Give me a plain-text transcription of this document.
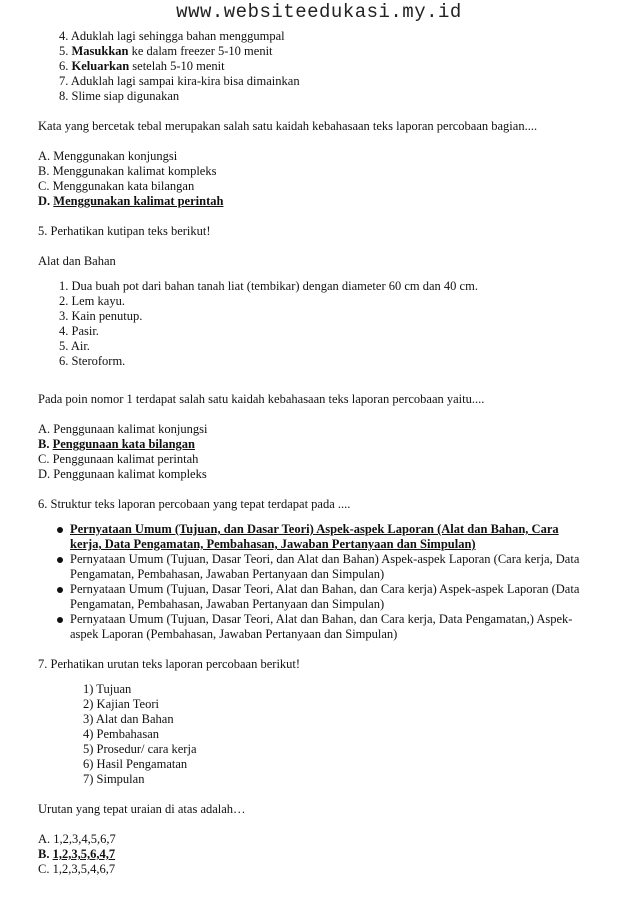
www.websiteedukasi.my.id
4. Aduklah lagi sehingga bahan menggumpal
5. Masukkan ke dalam freezer 5-10 menit
6. Keluarkan setelah 5-10 menit
7. Aduklah lagi sampai kira-kira bisa dimainkan
8. Slime siap digunakan

Kata yang bercetak tebal merupakan salah satu kaidah kebahasaan teks laporan percobaan bagian....

A. Menggunakan konjungsi

B. Menggunakan kalimat kompleks

C. Menggunakan kata bilangan

D. Menggunakan kalimat perintah

5. Perhatikan kutipan teks berikut!

Alat dan Bahan

1. Dua buah pot dari bahan tanah liat (tembikar) dengan diameter 60 cm dan 40 cm.
2. Lem kayu.
3. Kain penutup.
4. Pasir.
5. Air.
6. Steroform.

Pada poin nomor 1 terdapat salah satu kaidah kebahasaan teks laporan percobaan yaitu....

A. Penggunaan kalimat konjungsi

B. Penggunaan kata bilangan

C. Penggunaan kalimat perintah

D. Penggunaan kalimat kompleks

6. Struktur teks laporan percobaan yang tepat terdapat pada ....

Pernyataan Umum (Tujuan, dan Dasar Teori) Aspek-aspek Laporan (Alat dan Bahan, Cara
kerja, Data Pengamatan, Pembahasan, Jawaban Pertanyaan dan Simpulan)
Pernyataan Umum (Tujuan, Dasar Teori, dan Alat dan Bahan) Aspek-aspek Laporan (Cara kerja, Data
Pengamatan, Pembahasan, Jawaban Pertanyaan dan Simpulan)
Pernyataan Umum (Tujuan, Dasar Teori, Alat dan Bahan, dan Cara kerja) Aspek-aspek Laporan (Data
Pengamatan, Pembahasan, Jawaban Pertanyaan dan Simpulan)
Pernyataan Umum (Tujuan, Dasar Teori, Alat dan Bahan, dan Cara kerja, Data Pengamatan,) Aspek-
aspek Laporan (Pembahasan, Jawaban Pertanyaan dan Simpulan)

7. Perhatikan urutan teks laporan percobaan berikut!

1) Tujuan
2) Kajian Teori
3) Alat dan Bahan
4) Pembahasan
5) Prosedur/ cara kerja
6) Hasil Pengamatan
7) Simpulan

Urutan yang tepat uraian di atas adalah…

A. 1,2,3,4,5,6,7

B. 1,2,3,5,6,4,7

C. 1,2,3,5,4,6,7
